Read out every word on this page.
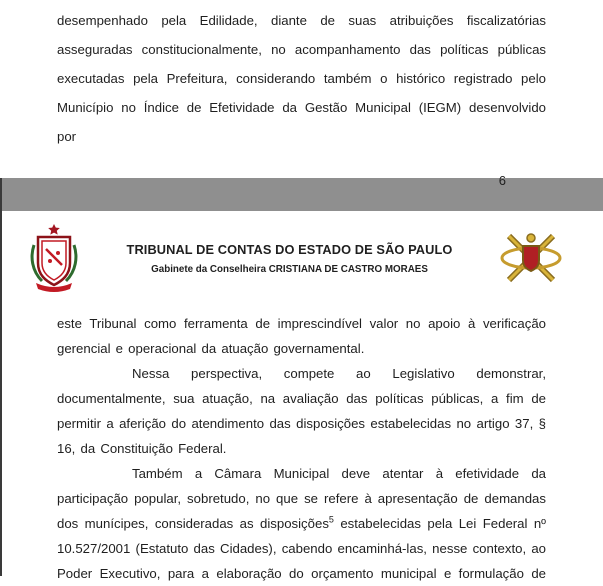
desempenhado pela Edilidade, diante de suas atribuições fiscalizatórias asseguradas constitucionalmente, no acompanhamento das políticas públicas executadas pela Prefeitura, considerando também o histórico registrado pelo Município no Índice de Efetividade da Gestão Municipal (IEGM) desenvolvido por

6
TRIBUNAL DE CONTAS DO ESTADO DE SÃO PAULO
Gabinete da Conselheira CRISTIANA DE CASTRO MORAES

este Tribunal como ferramenta de imprescindível valor no apoio à verificação gerencial e operacional da atuação governamental.

Nessa perspectiva, compete ao Legislativo demonstrar, documentalmente, sua atuação, na avaliação das políticas públicas, a fim de permitir a aferição do atendimento das disposições estabelecidas no artigo 37, § 16, da Constituição Federal.

Também a Câmara Municipal deve atentar à efetividade da participação popular, sobretudo, no que se refere à apresentação de demandas dos munícipes, consideradas as disposições$^5$ estabelecidas pela Lei Federal nº 10.527/2001 (Estatuto das Cidades), cabendo encaminhá-las, nesse contexto, ao Poder Executivo, para a elaboração do orçamento municipal e formulação de
